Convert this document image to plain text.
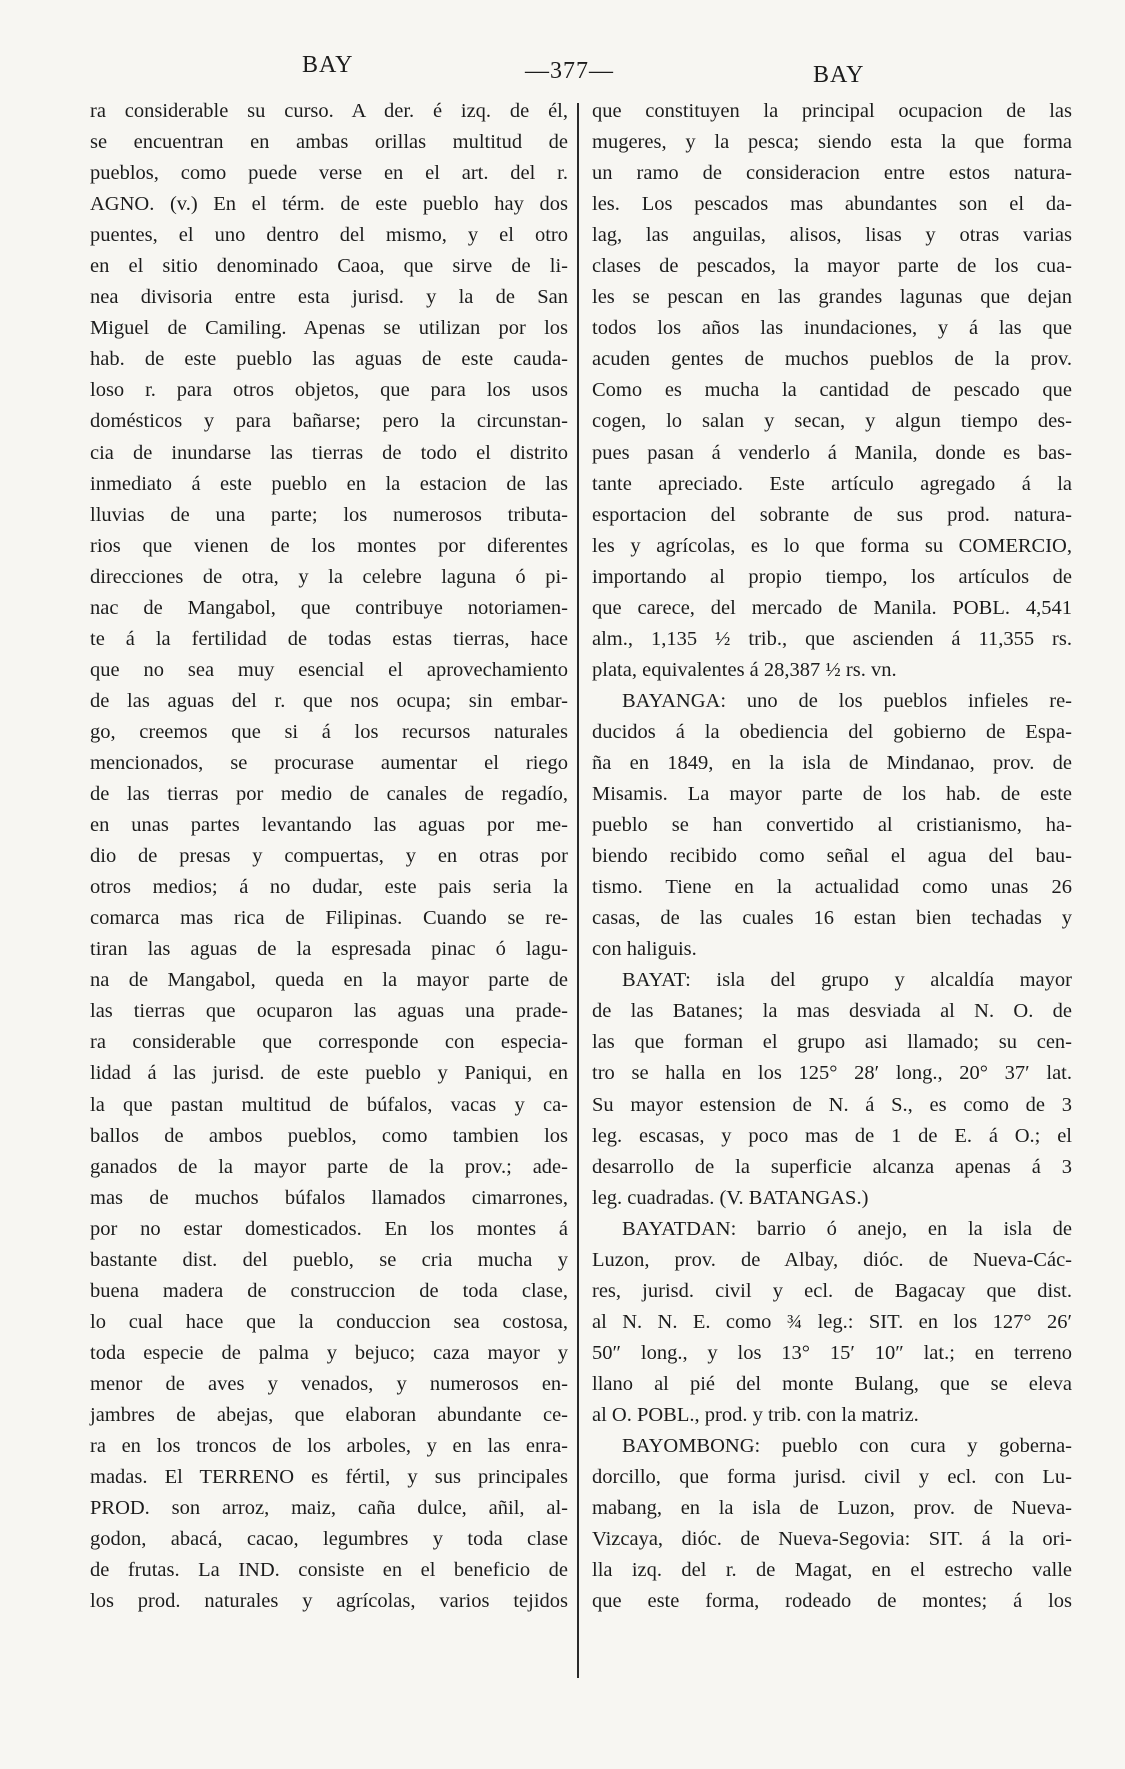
BAY	—377—	BAY
ra considerable su curso. A der. é izq. de él,
se encuentran en ambas orillas multitud de
pueblos, como puede verse en el art. del r.
AGNO. (v.) En el térm. de este pueblo hay dos
puentes, el uno dentro del mismo, y el otro
en el sitio denominado Caoa, que sirve de li-
nea divisoria entre esta jurisd. y la de San
Miguel de Camiling. Apenas se utilizan por los
hab. de este pueblo las aguas de este cauda-
loso r. para otros objetos, que para los usos
domésticos y para bañarse; pero la circunstan-
cia de inundarse las tierras de todo el distrito
inmediato á este pueblo en la estacion de las
lluvias de una parte; los numerosos tributa-
rios que vienen de los montes por diferentes
direcciones de otra, y la celebre laguna ó pi-
nac de Mangabol, que contribuye notoriamen-
te á la fertilidad de todas estas tierras, hace
que no sea muy esencial el aprovechamiento
de las aguas del r. que nos ocupa; sin embar-
go, creemos que si á los recursos naturales
mencionados, se procurase aumentar el riego
de las tierras por medio de canales de regadío,
en unas partes levantando las aguas por me-
dio de presas y compuertas, y en otras por
otros medios; á no dudar, este pais seria la
comarca mas rica de Filipinas. Cuando se re-
tiran las aguas de la espresada pinac ó lagu-
na de Mangabol, queda en la mayor parte de
las tierras que ocuparon las aguas una prade-
ra considerable que corresponde con especia-
lidad á las jurisd. de este pueblo y Paniqui, en
la que pastan multitud de búfalos, vacas y ca-
ballos de ambos pueblos, como tambien los
ganados de la mayor parte de la prov.; ade-
mas de muchos búfalos llamados cimarrones,
por no estar domesticados. En los montes á
bastante dist. del pueblo, se cria mucha y
buena madera de construccion de toda clase,
lo cual hace que la conduccion sea costosa,
toda especie de palma y bejuco; caza mayor y
menor de aves y venados, y numerosos en-
jambres de abejas, que elaboran abundante ce-
ra en los troncos de los arboles, y en las enra-
madas. El TERRENO es fértil, y sus principales
PROD. son arroz, maiz, caña dulce, añil, al-
godon, abacá, cacao, legumbres y toda clase
de frutas. La IND. consiste en el beneficio de
los prod. naturales y agrícolas, varios tejidos
que constituyen la principal ocupacion de las
mugeres, y la pesca; siendo esta la que forma
un ramo de consideracion entre estos natura-
les. Los pescados mas abundantes son el da-
lag, las anguilas, alisos, lisas y otras varias
clases de pescados, la mayor parte de los cua-
les se pescan en las grandes lagunas que dejan
todos los años las inundaciones, y á las que
acuden gentes de muchos pueblos de la prov.
Como es mucha la cantidad de pescado que
cogen, lo salan y secan, y algun tiempo des-
pues pasan á venderlo á Manila, donde es bas-
tante apreciado. Este artículo agregado á la
esportacion del sobrante de sus prod. natura-
les y agrícolas, es lo que forma su COMERCIO,
importando al propio tiempo, los artículos de
que carece, del mercado de Manila. POBL. 4,541
alm., 1,135 ½ trib., que ascienden á 11,355 rs.
plata, equivalentes á 28,387 ½ rs. vn.
BAYANGA: uno de los pueblos infieles re-
ducidos á la obediencia del gobierno de Espa-
ña en 1849, en la isla de Mindanao, prov. de
Misamis. La mayor parte de los hab. de este
pueblo se han convertido al cristianismo, ha-
biendo recibido como señal el agua del bau-
tismo. Tiene en la actualidad como unas 26
casas, de las cuales 16 estan bien techadas y
con haliguis.
BAYAT: isla del grupo y alcaldía mayor
de las Batanes; la mas desviada al N. O. de
las que forman el grupo asi llamado; su cen-
tro se halla en los 125° 28′ long., 20° 37′ lat.
Su mayor estension de N. á S., es como de 3
leg. escasas, y poco mas de 1 de E. á O.; el
desarrollo de la superficie alcanza apenas á 3
leg. cuadradas. (V. BATANGAS.)
BAYATDAN: barrio ó anejo, en la isla de
Luzon, prov. de Albay, dióc. de Nueva-Các-
res, jurisd. civil y ecl. de Bagacay que dist.
al N. N. E. como ¾ leg.: SIT. en los 127° 26′
50″ long., y los 13° 15′ 10″ lat.; en terreno
llano al pié del monte Bulang, que se eleva
al O. POBL., prod. y trib. con la matriz.
BAYOMBONG: pueblo con cura y goberna-
dorcillo, que forma jurisd. civil y ecl. con Lu-
mabang, en la isla de Luzon, prov. de Nueva-
Vizcaya, dióc. de Nueva-Segovia: SIT. á la ori-
lla izq. del r. de Magat, en el estrecho valle
que este forma, rodeado de montes; á los
